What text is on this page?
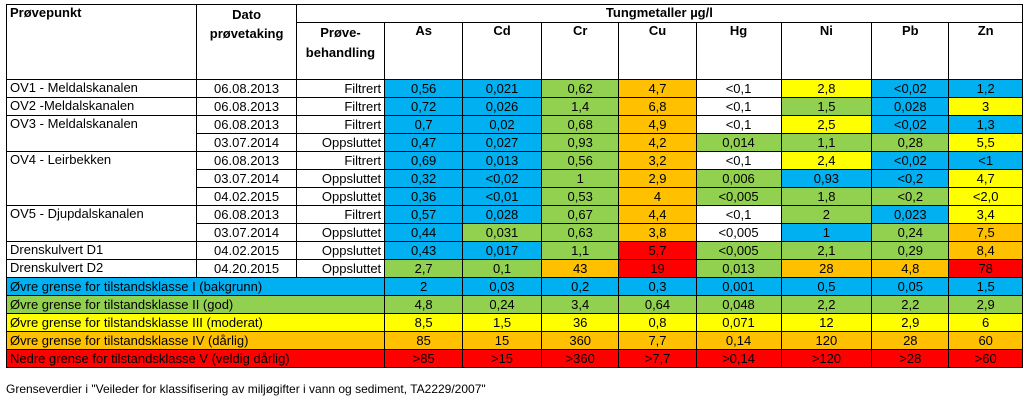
Prøvepunkt	Dato prøvetaking	Tungmetaller µg/l								
		Prøve-behandling	As	Cd	Cr	Cu	Hg	Ni	Pb	Zn

OV1 - Meldalskanalen	06.08.2013	Filtrert	0,56	0,021	0,62	4,7	<0,1	2,8	<0,02	1,2
OV2 -Meldalskanalen	06.08.2013	Filtrert	0,72	0,026	1,4	6,8	<0,1	1,5	0,028	3
OV3 - Meldalskanalen	06.08.2013	Filtrert	0,7	0,02	0,68	4,9	<0,1	2,5	<0,02	1,3
	03.07.2014	Oppsluttet	0,47	0,027	0,93	4,2	0,014	1,1	0,28	5,5
OV4 - Leirbekken	06.08.2013	Filtrert	0,69	0,013	0,56	3,2	<0,1	2,4	<0,02	<1
	03.07.2014	Oppsluttet	0,32	<0,02	1	2,9	0,006	0,93	<0,2	4,7
	04.02.2015	Oppsluttet	0,36	<0,01	0,53	4	<0,005	1,8	<0,2	<2,0
OV5 - Djupdalskanalen	06.08.2013	Filtrert	0,57	0,028	0,67	4,4	<0,1	2	0,023	3,4
	03.07.2014	Oppsluttet	0,44	0,031	0,63	3,8	<0,005	1	0,24	7,5
Drenskulvert D1	04.02.2015	Oppsluttet	0,43	0,017	1,1	5,7	<0,005	2,1	0,29	8,4
Drenskulvert D2	04.20.2015	Oppsluttet	2,7	0,1	43	19	0,013	28	4,8	78
Øvre grense for tilstandsklasse I (bakgrunn)			2	0,03	0,2	0,3	0,001	0,5	0,05	1,5
Øvre grense for tilstandsklasse II (god)			4,8	0,24	3,4	0,64	0,048	2,2	2,2	2,9
Øvre grense for tilstandsklasse III (moderat)			8,5	1,5	36	0,8	0,071	12	2,9	6
Øvre grense for tilstandsklasse IV (dårlig)			85	15	360	7,7	0,14	120	28	60
Nedre grense for tilstandsklasse V (veldig dårlig)			>85	>15	>360	>7,7	>0,14	>120	>28	>60
Grenseverdier i "Veileder for klassifisering av miljøgifter i vann og sediment, TA2229/2007"
